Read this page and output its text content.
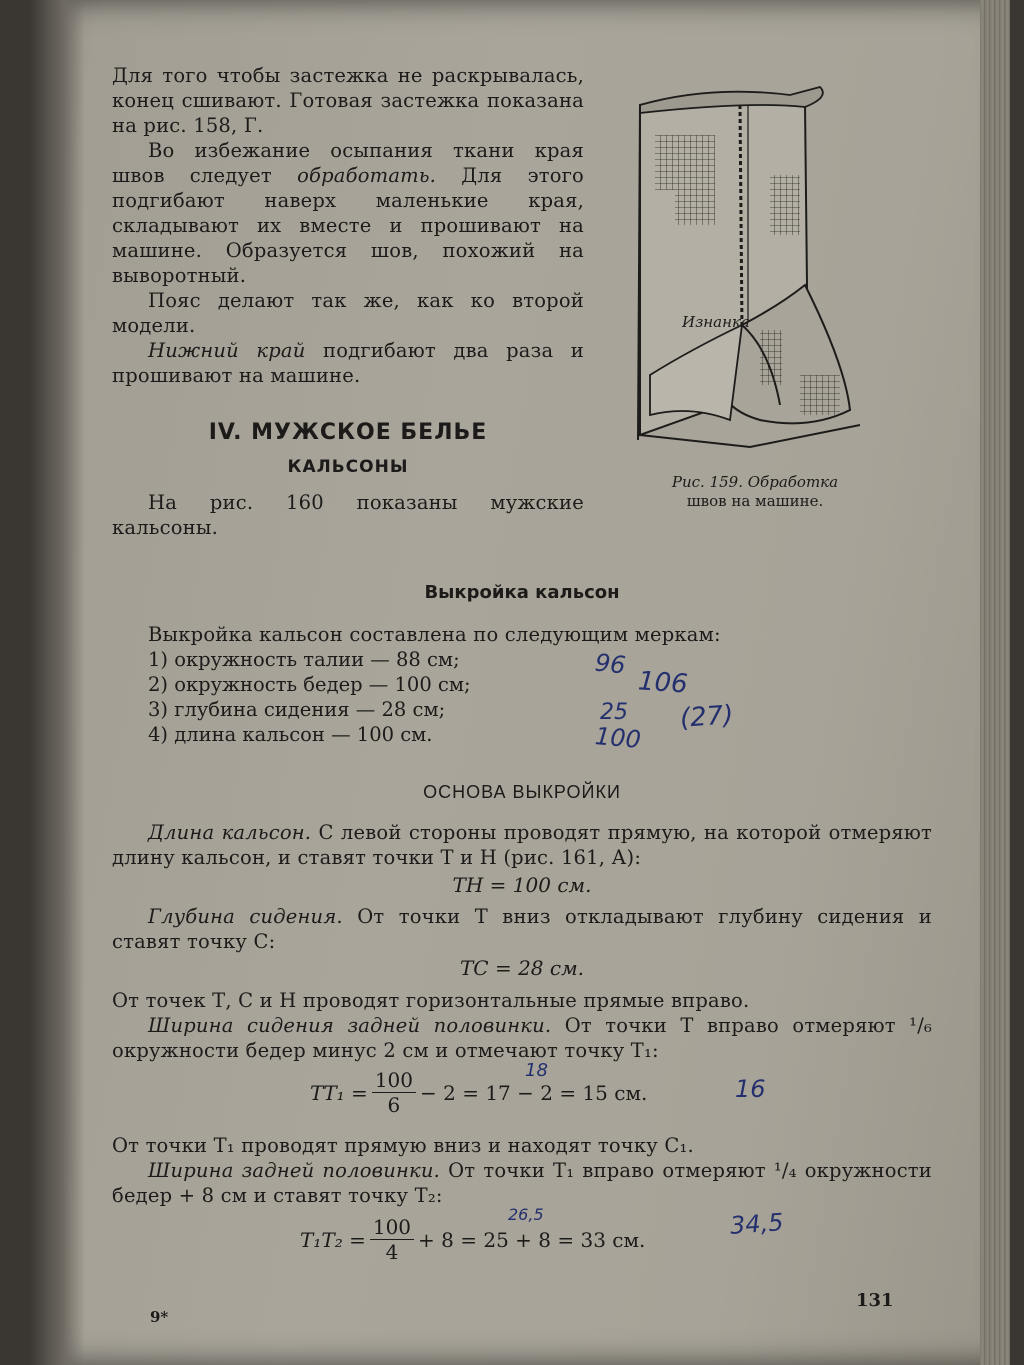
Для того чтобы застежка не раскрывалась, конец сшивают. Готовая застежка показана на рис. 158, Г.

Во избежание осыпания ткани края швов следует обработать. Для этого подгибают наверх маленькие края, складывают их вместе и прошивают на машине. Образуется шов, похожий на выворотный.

Пояс делают так же, как ко второй модели.

Нижний край подгибают два раза и прошивают на машине.

Изнанка
Рис. 159. Обработка
швов на машине.
IV. МУЖСКОЕ БЕЛЬЕ
КАЛЬСОНЫ

На рис. 160 показаны мужские кальсоны.

Выкройка кальсон

Выкройка кальсон составлена по следующим меркам:

1) окружность талии — 88 см;
2) окружность бедер — 100 см;
3) глубина сидения — 28 см;
4) длина кальсон — 100 см.
96
106
25 (27)
100
ОСНОВА ВЫКРОЙКИ

Длина кальсон. С левой стороны проводят прямую, на которой отмеряют длину кальсон, и ставят точки Т и Н (рис. 161, А):

ТН = 100 см.

Глубина сидения. От точки Т вниз откладывают глубину сидения и ставят точку С:

ТС = 28 см.

От точек Т, С и Н проводят горизонтальные прямые вправо.

Ширина сидения задней половинки. От точки Т вправо отмеряют ¹/₆ окружности бедер минус 2 см и отмечают точку Т₁:

$ТТ_1 = \frac{100}{6} - 2 = 17 - 2 = 15$ см.
18
16

От точки Т₁ проводят прямую вниз и находят точку С₁.

Ширина задней половинки. От точки Т₁ вправо отмеряют ¹/₄ окружности бедер + 8 см и ставят точку Т₂:

$Т_1Т_2 = \frac{100}{4} + 8 = 25 + 8 = 33$ см.
26,5	34,5
9*
131
